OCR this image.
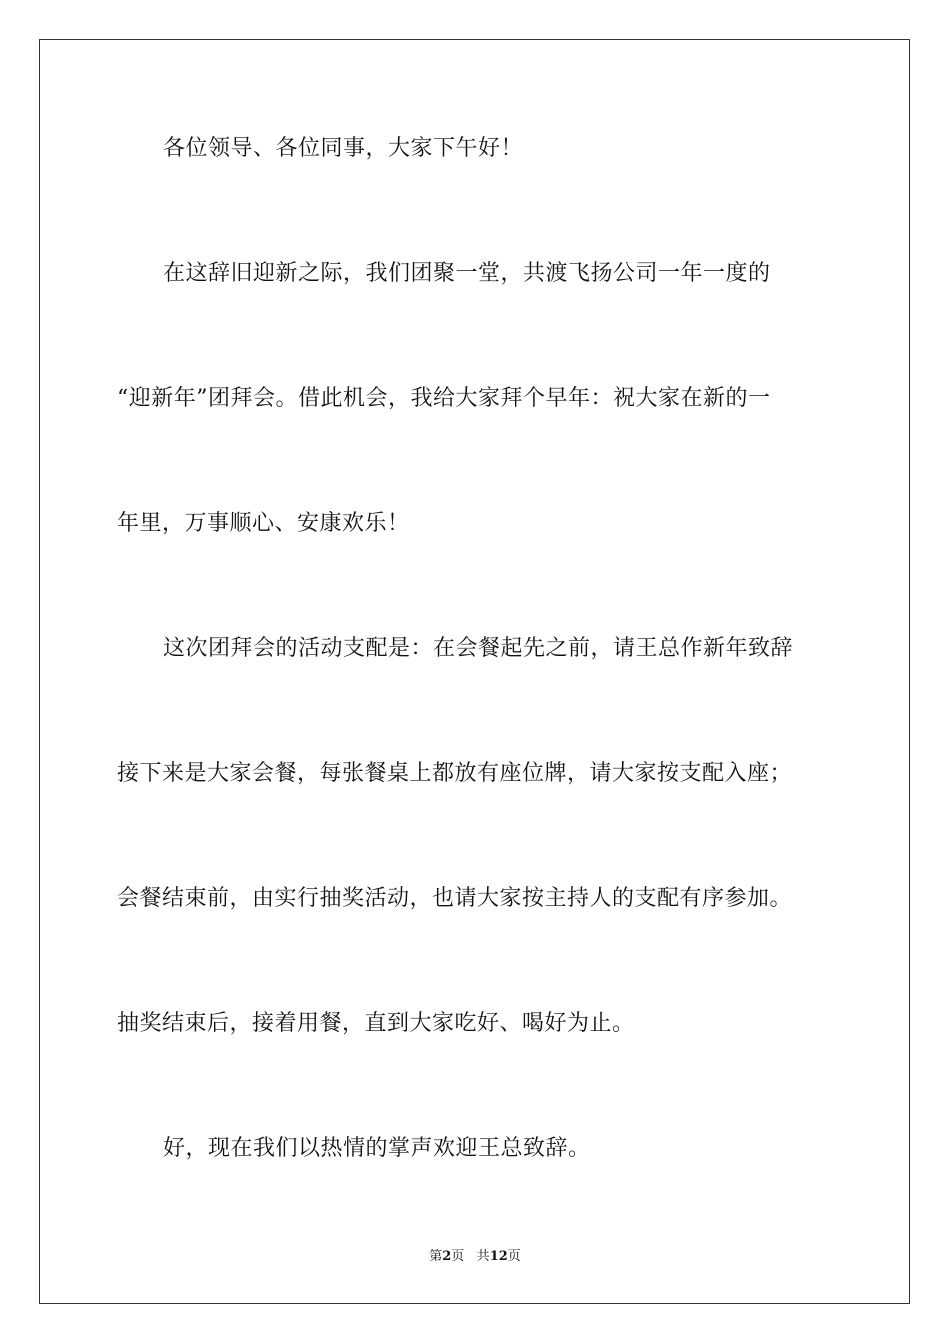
各位领导、各位同事，大家下午好！
在这辞旧迎新之际，我们团聚一堂，共渡飞扬公司一年一度的
“迎新年”团拜会。借此机会，我给大家拜个早年：祝大家在新的一
年里，万事顺心、安康欢乐！
这次团拜会的活动支配是：在会餐起先之前，请王总作新年致辞
接下来是大家会餐，每张餐桌上都放有座位牌，请大家按支配入座；
会餐结束前，由实行抽奖活动，也请大家按主持人的支配有序参加。
抽奖结束后，接着用餐，直到大家吃好、喝好为止。
好，现在我们以热情的掌声欢迎王总致辞。
第2页 共12页
